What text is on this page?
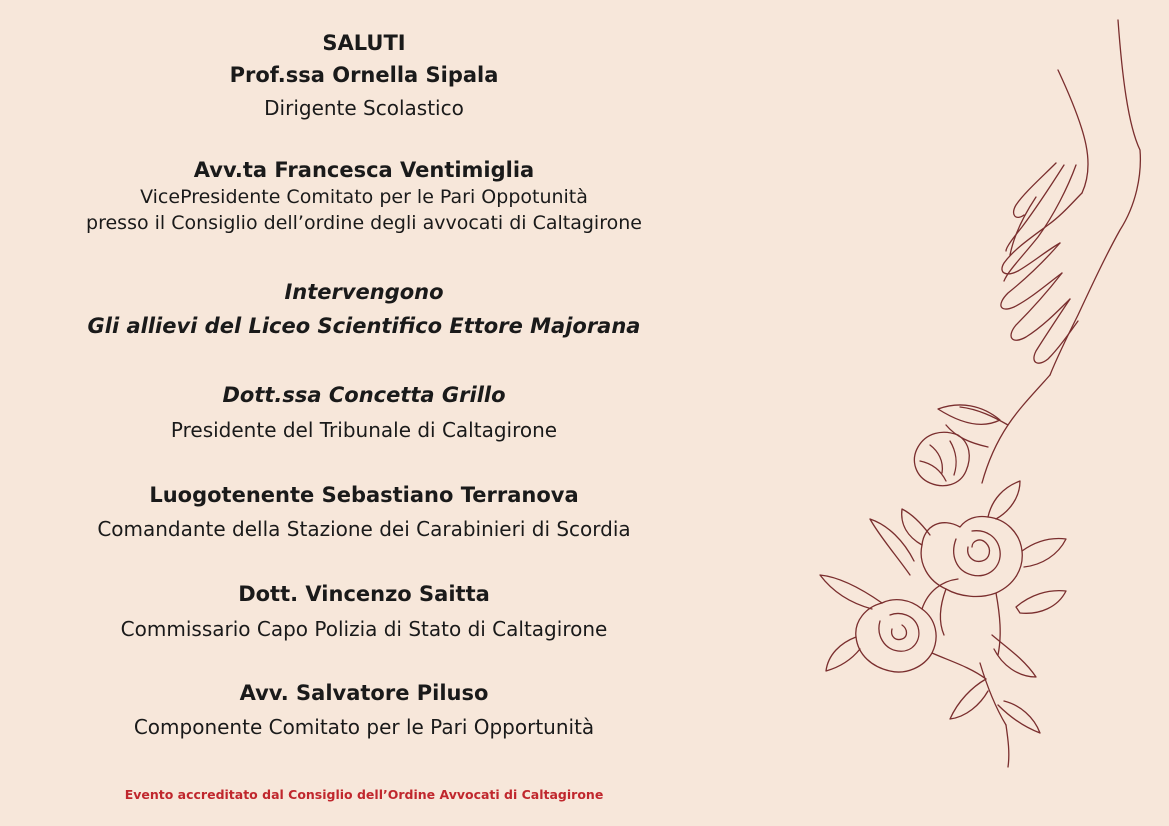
SALUTI
Prof.ssa Ornella Sipala
Dirigente Scolastico
Avv.ta Francesca Ventimiglia
VicePresidente Comitato per le Pari Oppotunità
presso il Consiglio dell’ordine degli avvocati di Caltagirone
Intervengono
Gli allievi del Liceo Scientifico Ettore Majorana
Dott.ssa Concetta Grillo
Presidente del Tribunale di Caltagirone
Luogotenente Sebastiano Terranova
Comandante della Stazione dei Carabinieri di Scordia
Dott. Vincenzo Saitta
Commissario Capo Polizia di Stato di Caltagirone
Avv. Salvatore Piluso
Componente Comitato per le Pari Opportunità
Evento accreditato dal Consiglio dell’Ordine Avvocati di Caltagirone
